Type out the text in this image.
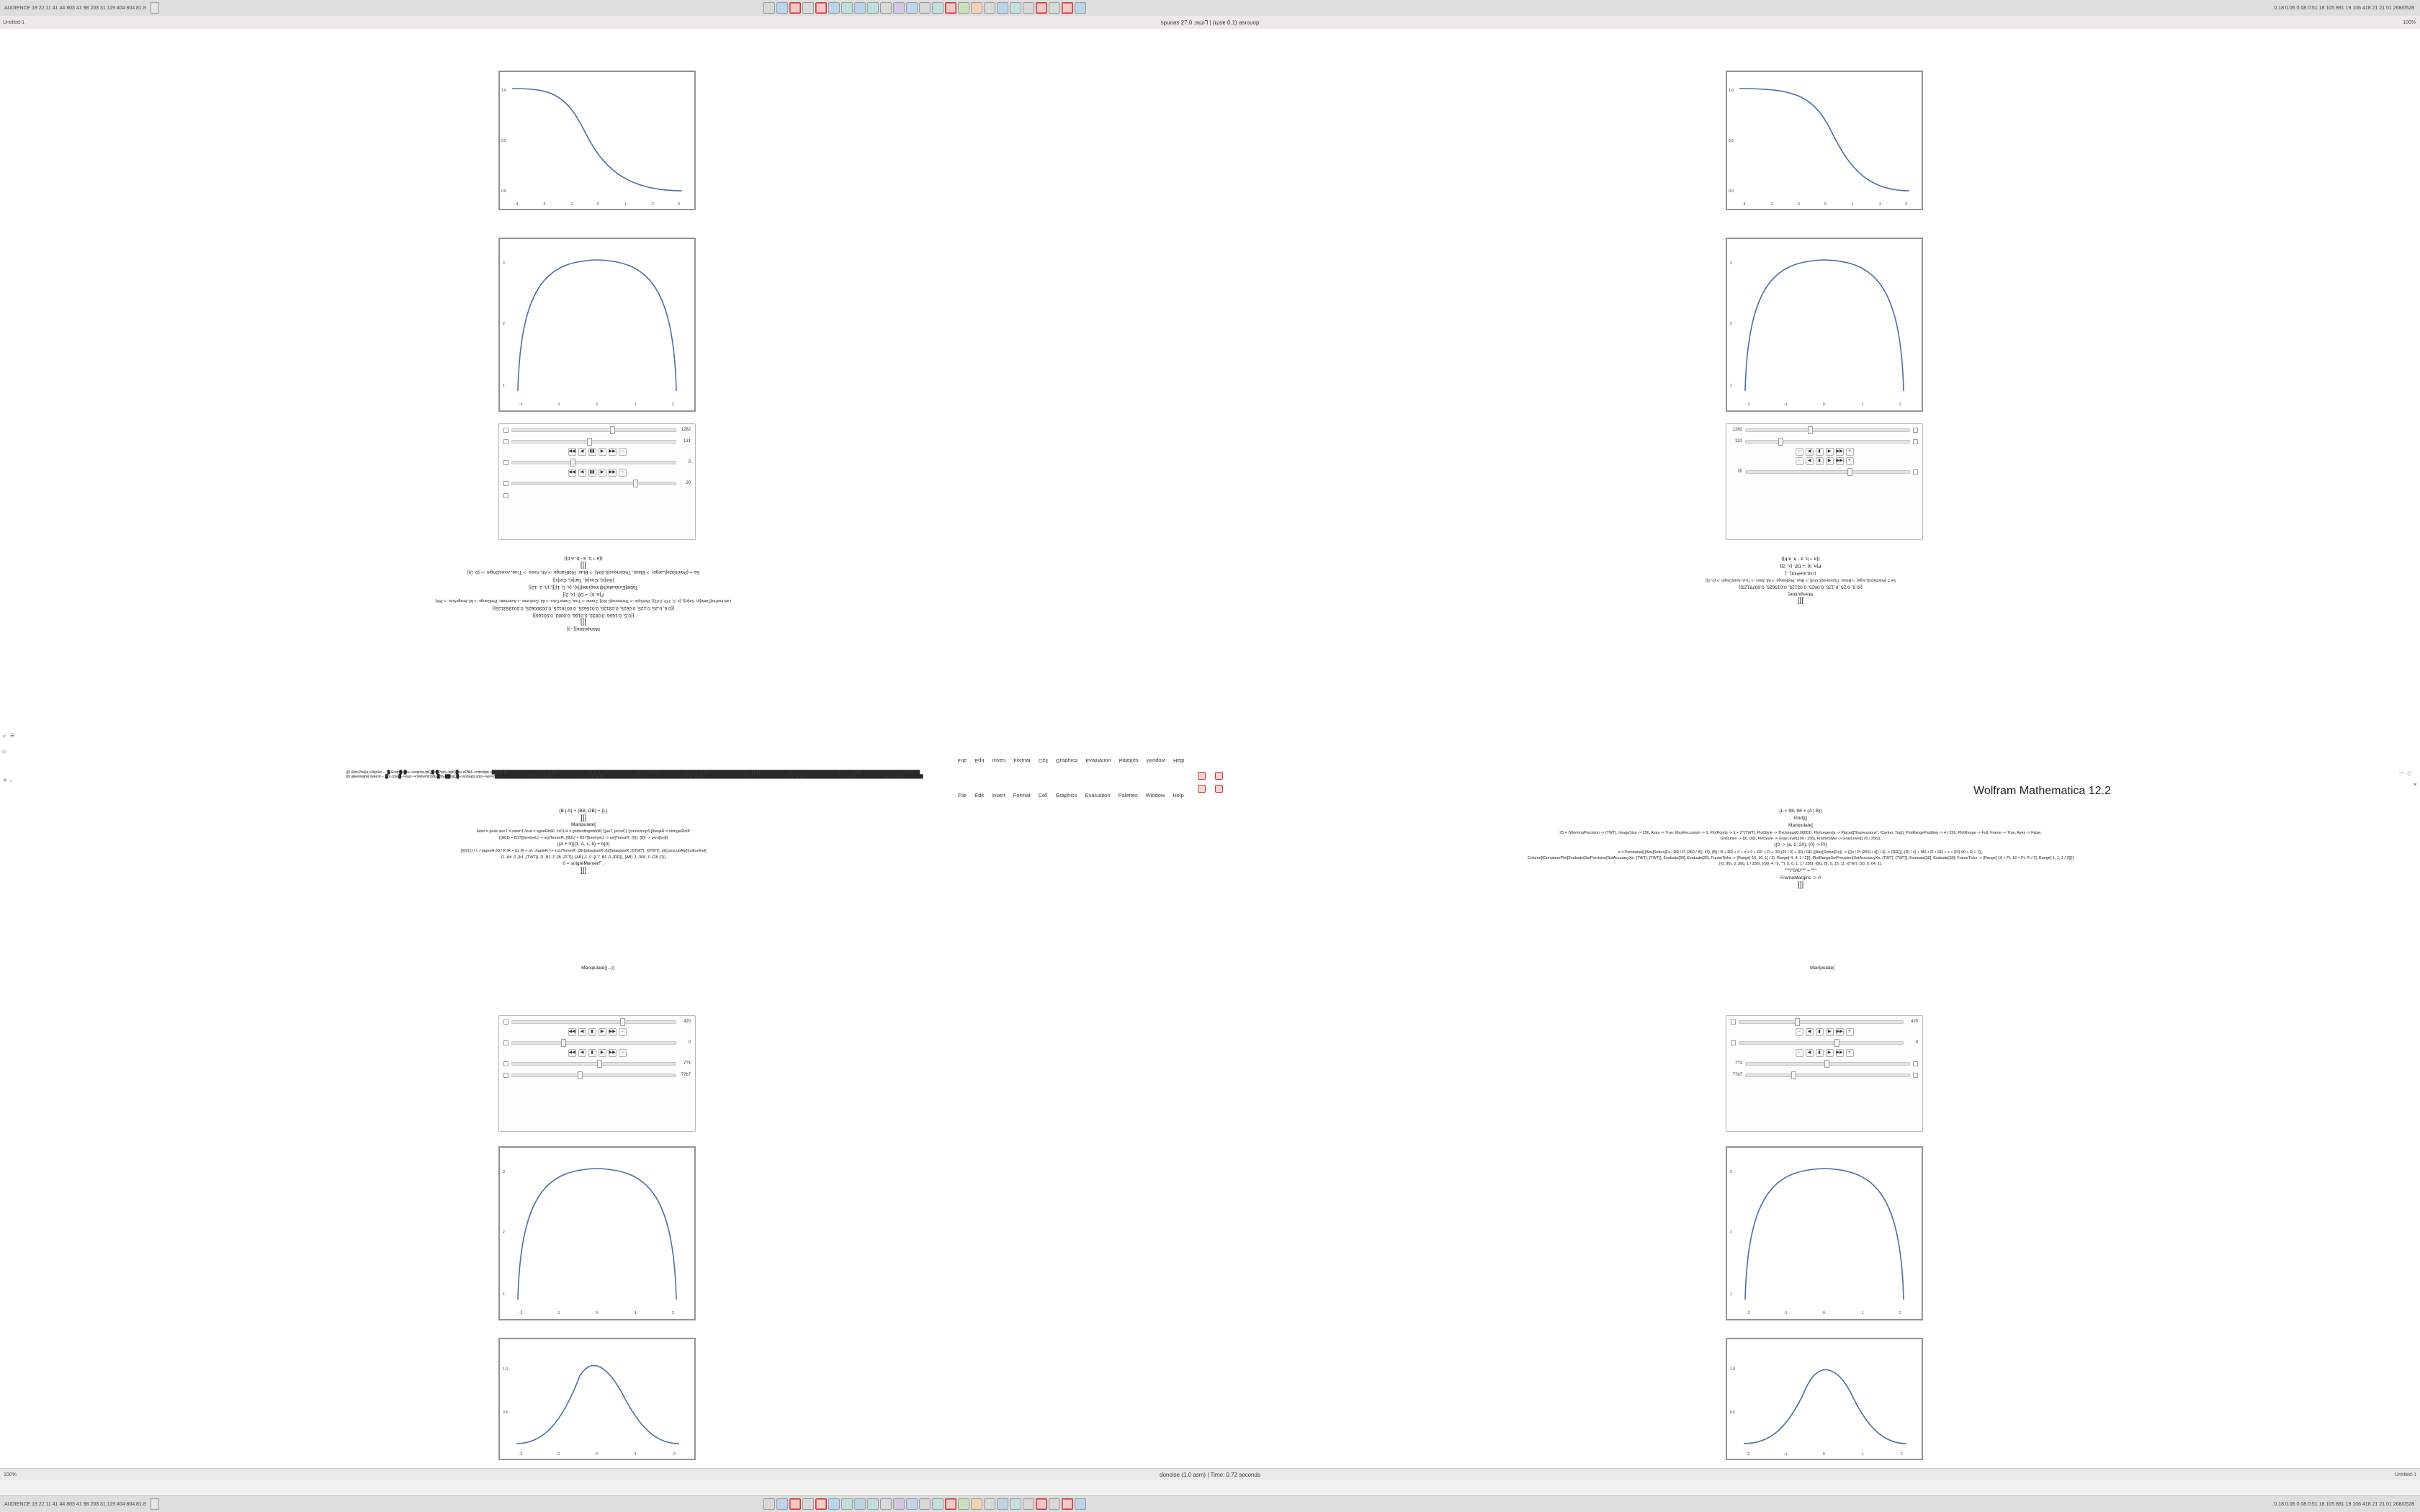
AUDIENCE 19 22 11 41 44 803 41 98 203 31 119 404 804 81.8	0.18 0.06 0.08 0:51 18 105 881 19 106 418 21 21 01 268/0528
Untitled-1	spuoǝs 27.0 :ǝɯıꞀ | (ɯsɐ 0.1) ǝsıouop	100%
×
✕
☰
▫
◇
-3	-2	-1	0	1	2	3
1.0
0.5
0.0
-2	-1	0	1	2
3
2
1
1282
131
◀◀	◀	▮▮	▶	▶▶	−
0
◀◀	◀	▮▮	▶	▶▶	−
20
Manipulate[{...}]
]]]
{{0.5, 0.1666, 0.0833, 0.0166, 0.0083, 0.00166}}
{{0.5, 0.25, 0.125, 0.0625, 0.03125, 0.015625, 0.0078125, 0.00390625, 0.001953125}}
ListLinePlot[Table[{n, Sin[n]}, {n, 0, 2 Pi, 0.01}], PlotStyle -> Thickness[0.003], Frame -> True, FrameTicks -> All, GridLines -> Automatic, PlotRange -> All, ImageSize -> 256]
F[a, b] := D[f, {x, 2}]
Table[Evaluate[N[Integrate[f[x], {x, 0, 1}]]], {n, 1, 12}]
{Sin[x], Cos[x], Tan[x], Cot[x]}
Se = {PointSize[Large] -> Black, Thickness[0.004] -> Blue, PlotRange -> All, Axes -> True, AxesOrigin -> {0, 0}}
]]]
{{a + b, a - b, a b}}
-3	-2	-1	0	1	2	3
1.0
0.5
0.0
-2	-1	0	1	2
3
2
1
1282
131
−	◀	▮	▶	▶▶	+
−	◀	▮	▶	▶▶	+
20
]]]
Manipulate[
{{0.5, 0.25, 0.125, 0.0625, 0.03125, 0.015625, 0.0078125}}
Se = {PointSize[Large] -> Black, Thickness[0.004] -> Blue, PlotRange -> All, Axes -> True, AxesOrigin -> {0, 0}}
ListLinePlot[...]
F[a, b] := D[f, {x, 2}]
{{a + b, a - b, a b}}
dlǝH
wopuıM
sǝʇʇǝlɐԀ
uoıʇɐnlɐʌƎ
sɔıɥdɐɹ⅁
llǝƆ
ʇɐɯɹoℲ
ʇɹǝsuI
ʇıpƎ
ǝlıℲ
File Edit Insert Format Cell Graphics Evaluation Palettes Window Help
{{0 Xtot»Ptu&a sXtipSw – , █i.Eoep█e█tu–>sopmts.tpiQ█n█Ppm–>tpiQ█ns.oPltM–>mtrmtpls.«███████████████████████████████████████████████████████████████████████████████████████████████████████████████████████████████████████████████████████████████████████████
{{0 aiteerwtahR rtwRoti – ,█ot.cotw█–>eacr–>mRtwmtrtobta█htw██tpiQ█–>sofwabLsdor–>wo=2███████████████████████████████████████████████████████████████████████████████████████████████████████████████████████████████████████████████████████████████████████████
Wolfram Mathematica 12.2
— ◻
✕
{B | A} + {BB, DB} + {L}
]]]
Manipulate[
label = peak.aunT = smenT./suA = agneRtolP, 2x01/4 = gnittesfingnitdolP, [[aaT, [etnoC] :]/snozznopS'[IbaqeR = sbmgeRtolP
{{A01} + B1?}[terelyeL] -> sty[TemerR, {B01} + B1?}[terelyeL] -> sty[TemerR, {0}}, {0}} -> zero[bn]0
{{A + 0}}[1, A, x, b} + b{0}
{{0}}(1) / /. /-}agneR-J0 / R /R + b1 /R + b1 -/agneR |-> zo1/TemerR .{2K}[etauboeR ,{bt}[etauboeR ,{0TWT}, {0TWT}, et{cyescubAle}[noitcefnel]
{1 ,Ad ,0 ,{b1 ,{TWT}}, {1 ,B1 ,0 ,{B ,ZFT}}, {AB} ,1 ,0 ,{L'/' ,B1 ,0 ,{RR}}, {AB} ,1 ,30K, 0 ,{28 ,D}}
0 = snigreMemerF ,
]]]
{L + 98, 98 + (A | B)}
Grid[{{
Manipulate[
25 = {WorkingPrecision -> {TWT}, ImageSize -> 256, Axes -> True, MaxRecursion -> 0, PlotPoints -> 1 + 2^{TWT}, PlotStyle -> Thickness[0.00001], PlotLegends -> Placed["Expressions", {Center, Top}], PlotRangePadding -> 4 / 256, PlotRange -> Full, Frame -> True, Axes -> False,
GridLines -> {{0, {0}}, PlotStyle -> GrayLevel[100 / 256], FrameStyle -> GrayLevel[178 / 256]},
{{0 -> {a, 0, 20}, {0} -> Pi}
e = Piecewise[{{Abs[Setiun]Fx / RR / Pi {360 / 8}}, 4Q, {B} / B + RR + 0 + x + 0 + RR + Pi + 0R (20 / 0) + {R} / RR {{Abs[Setiun]Fx}} -> {{(x / Pi {256} / 4}} / 4} -> {RR}}}, {R} / 4} + M0 + R + RR + x + {Pi} 90 + R + 1}},
Column[{CurvaturePlot[Evaluate[SetPrecision[SetAccuracyXe, {TWT}, {TWT}], Evaluate[30], Evaluate[25], FrameTicks -> {Range[-16, 16, 1] / 2}, Range[-4, 4, 1 / 2]}], PlotRangeSetPrecision[SetAccuracyXe, {TWT}, {TWT}], Evaluate[30], Evaluate[30], FrameTicks -> {Range[-16 + Pi, 16 + Pi, Pi / 2], Range[-1, 1, 1 / 2]}}]
{{0, 90}, 0, 360, 1 / 256}, {{98, 4 / 8, ""}, 5, 0, 1, 1 / 256}, {{81, 8}, 0, 16, 1}, {{TWT, 16}, 0, 64, 1},
"""/"0/0/""" = """
FrameMargins -> 0
]]]
420
◀◀	◀	▮	▶	▶▶	−
0
◀◀	◀	▮	▶	▶▶	−
7?1
7?b7
-2	-1	0	1	2
3
2
1
-2	-1	0	1	2
1.0
0.5
Manipulate[{...}]
420
−	◀	▮	▶	▶▶	+
0
−	◀	▮	▶	▶▶	+
7?1
7?b7
-2	-1	0	1	2
3
2
1
-2	-1	0	1	2
1.0
0.5
Manipulate[
100%	donoise (1.0 asm) | Time: 0.72 seconds	Untitled-1
AUDIENCE 19 22 11 41 44 803 41 98 203 31 119 404 804 81.8	0.18 0.06 0.08 0:51 18 105 881 19 106 418 21 21 01 268/0528
